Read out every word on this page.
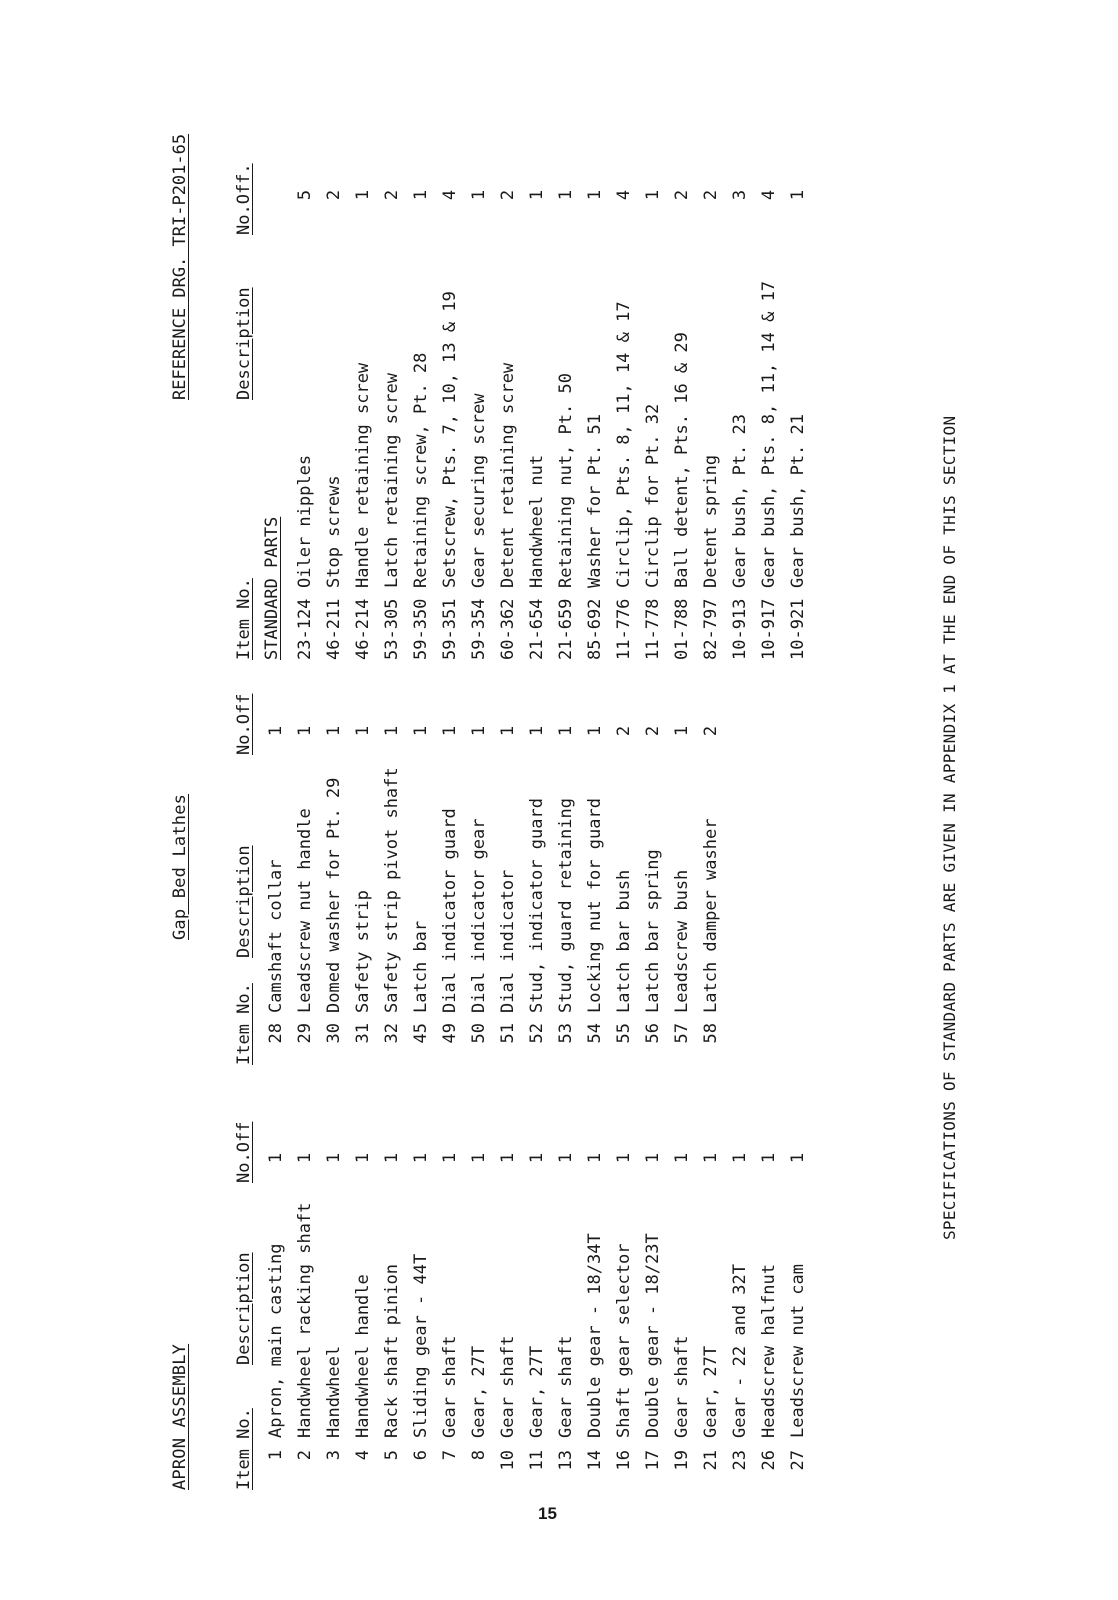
APRON ASSEMBLY
Gap Bed Lathes
REFERENCE DRG. TRI-P201-65
Item No.
Description
No.Off
Item No.
Description
No.Off
Item No.
Description
No.Off.
1
Apron, main casting
1
2
Handwheel racking shaft
1
3
Handwheel
1
4
Handwheel handle
1
5
Rack shaft pinion
1
6
Sliding gear - 44T
1
7
Gear shaft
1
8
Gear, 27T
1
10
Gear shaft
1
11
Gear, 27T
1
13
Gear shaft
1
14
Double gear - 18/34T
1
16
Shaft gear selector
1
17
Double gear - 18/23T
1
19
Gear shaft
1
21
Gear, 27T
1
23
Gear - 22 and 32T
1
26
Headscrew halfnut
1
27
Leadscrew nut cam
1
28
Camshaft collar
1
29
Leadscrew nut handle
1
30
Domed washer for Pt. 29
1
31
Safety strip
1
32
Safety strip pivot shaft
1
45
Latch bar
1
49
Dial indicator guard
1
50
Dial indicator gear
1
51
Dial indicator
1
52
Stud, indicator guard
1
53
Stud, guard retaining
1
54
Locking nut for guard
1
55
Latch bar bush
2
56
Latch bar spring
2
57
Leadscrew bush
1
58
Latch damper washer
2
STANDARD PARTS 23-124
Oiler nipples
5
46-211
Stop screws
2
46-214
Handle retaining screw
1
53-305
Latch retaining screw
2
59-350
Retaining screw, Pt. 28
1
59-351
Setscrew, Pts. 7, 10, 13 & 19
4
59-354
Gear securing screw
1
60-362
Detent retaining screw
2
21-654
Handwheel nut
1
21-659
Retaining nut, Pt. 50
1
85-692
Washer for Pt. 51
1
11-776
Circlip, Pts. 8, 11, 14 & 17
4
11-778
Circlip for Pt. 32
1
01-788
Ball detent, Pts. 16 & 29
2
82-797
Detent spring
2
10-913
Gear bush, Pt. 23
3
10-917
Gear bush, Pts. 8, 11, 14 & 17
4
10-921
Gear bush, Pt. 21
1
SPECIFICATIONS OF STANDARD PARTS ARE GIVEN IN APPENDIX 1 AT THE END OF THIS SECTION
15
